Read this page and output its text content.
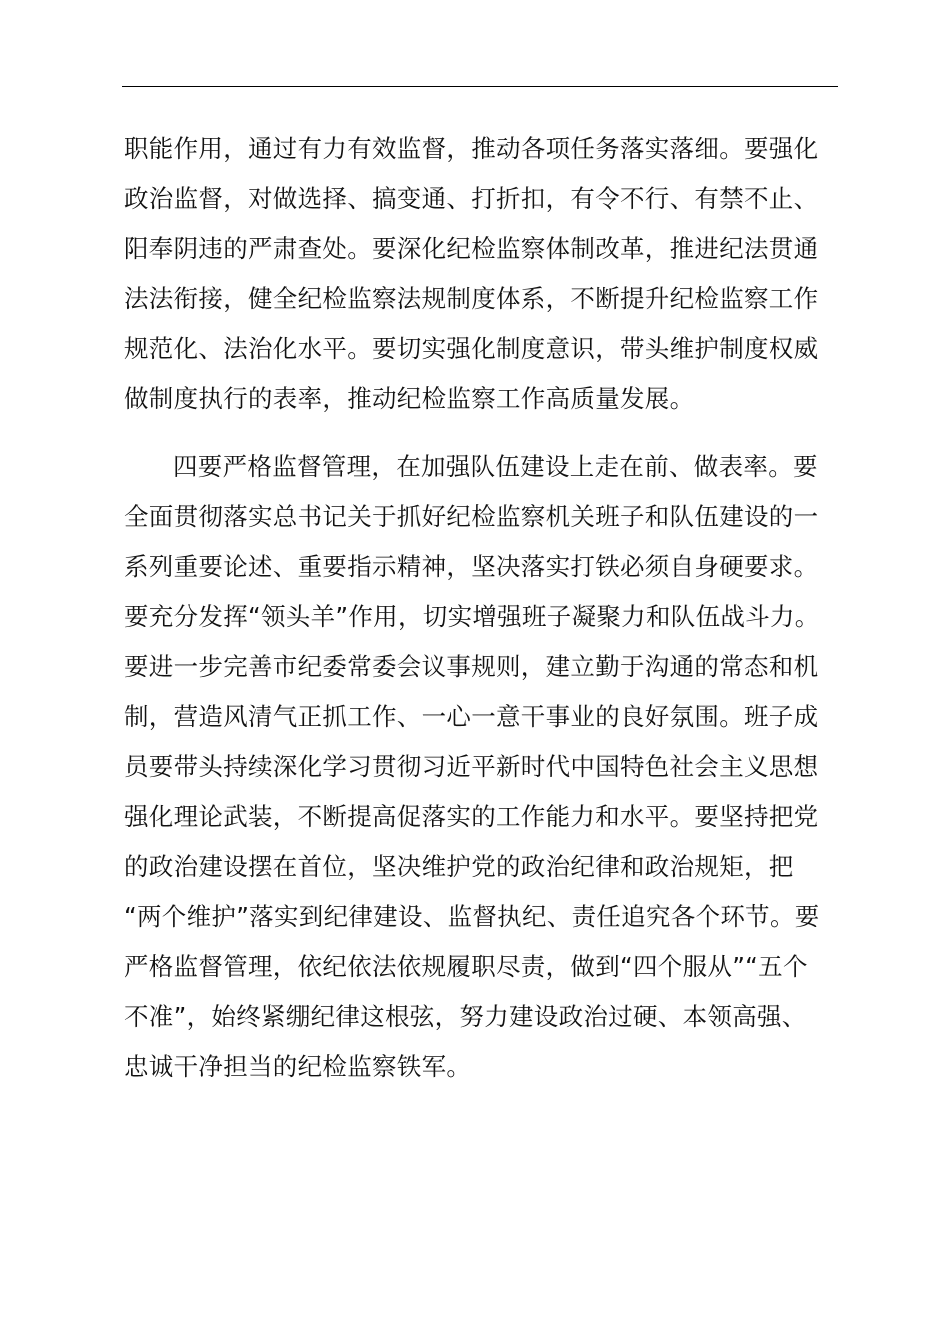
职能作用，通过有力有效监督，推动各项任务落实落细。要强化
政治监督，对做选择、搞变通、打折扣，有令不行、有禁不止、
阳奉阴违的严肃查处。要深化纪检监察体制改革，推进纪法贯通
法法衔接，健全纪检监察法规制度体系，不断提升纪检监察工作
规范化、法治化水平。要切实强化制度意识，带头维护制度权威
做制度执行的表率，推动纪检监察工作高质量发展。
四要严格监督管理，在加强队伍建设上走在前、做表率。要
全面贯彻落实总书记关于抓好纪检监察机关班子和队伍建设的一
系列重要论述、重要指示精神，坚决落实打铁必须自身硬要求。
要充分发挥“领头羊”作用，切实增强班子凝聚力和队伍战斗力。
要进一步完善市纪委常委会议事规则，建立勤于沟通的常态和机
制，营造风清气正抓工作、一心一意干事业的良好氛围。班子成
员要带头持续深化学习贯彻习近平新时代中国特色社会主义思想
强化理论武装，不断提高促落实的工作能力和水平。要坚持把党
的政治建设摆在首位，坚决维护党的政治纪律和政治规矩，把
“两个维护”落实到纪律建设、监督执纪、责任追究各个环节。要
严格监督管理，依纪依法依规履职尽责，做到“四个服从”“五个
不准”，始终紧绷纪律这根弦，努力建设政治过硬、本领高强、
忠诚干净担当的纪检监察铁军。
